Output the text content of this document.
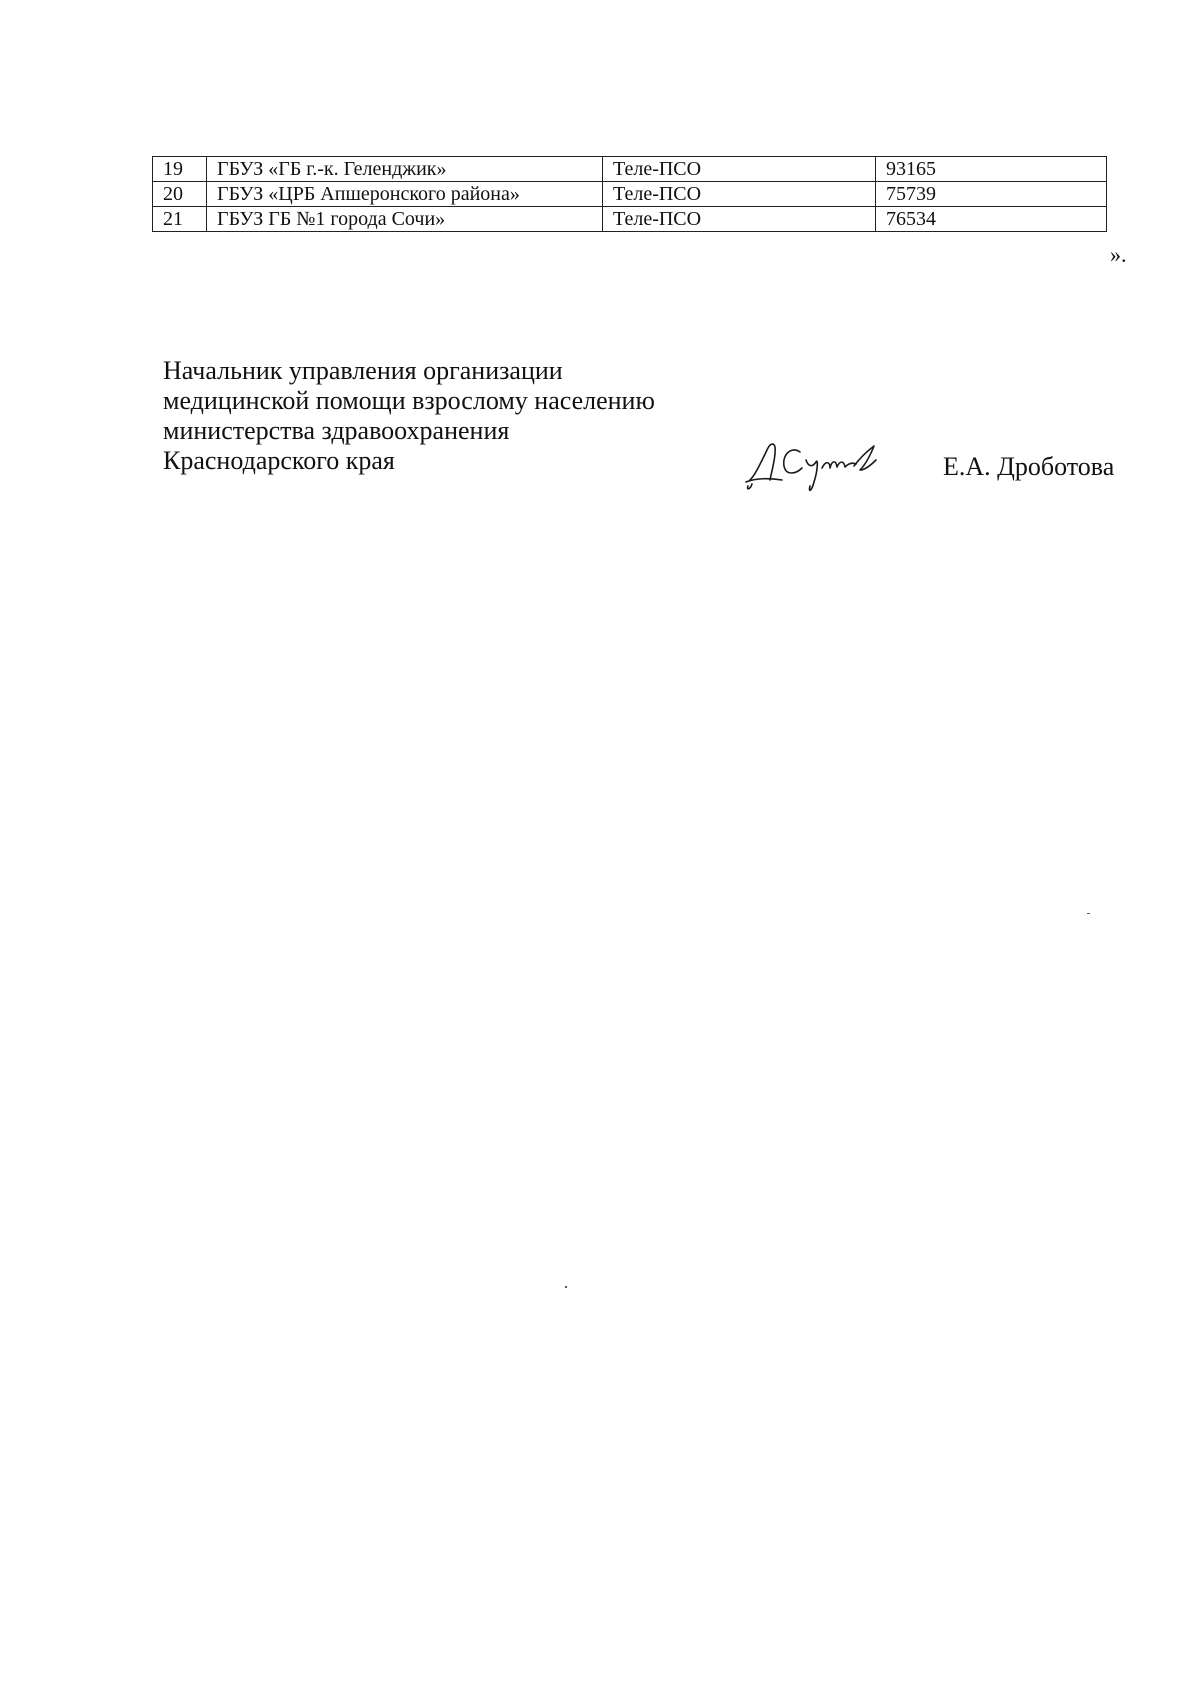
19	ГБУЗ «ГБ г.-к. Геленджик»	Теле-ПСО	93165
20	ГБУЗ «ЦРБ Апшеронского района»	Теле-ПСО	75739
21	ГБУЗ ГБ №1 города Сочи»	Теле-ПСО	76534
».
Начальник управления организации
медицинской помощи взрослому населению
министерства здравоохранения
Краснодарского края	Е.А. Дроботова
